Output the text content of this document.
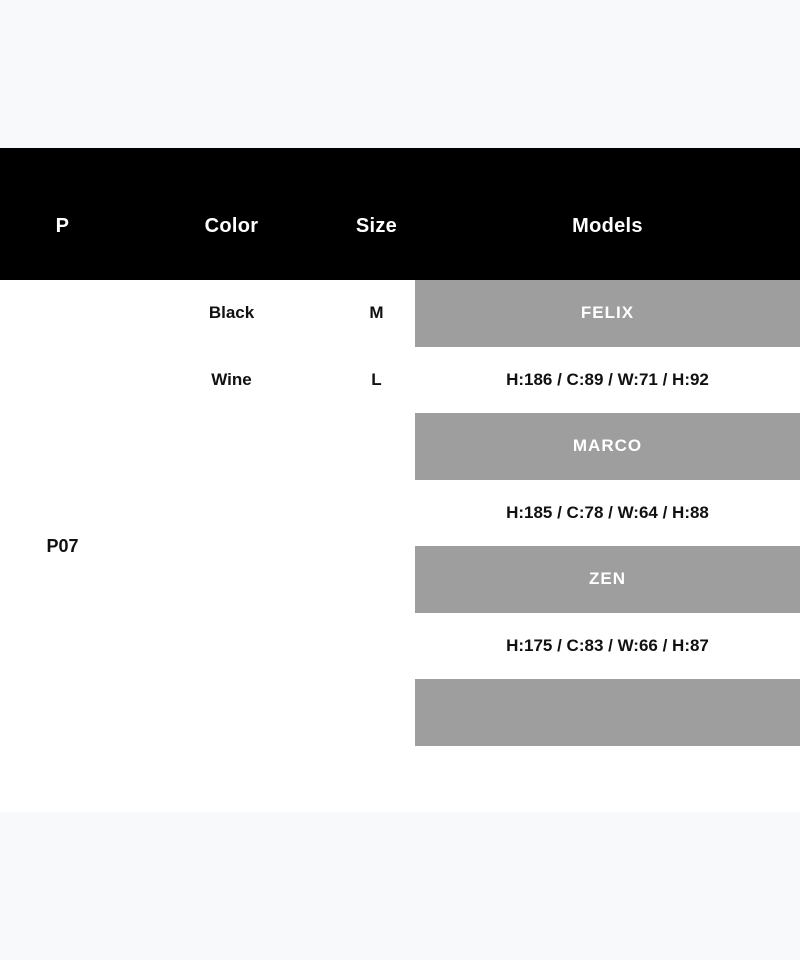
P	Color	Size	Models
P07	Black	M	FELIX
	Wine	L	H:186 / C:89 / W:71 / H:92
			MARCO
			H:185 / C:78 / W:64 / H:88
			ZEN
			H:175 / C:83 / W:66 / H:87
